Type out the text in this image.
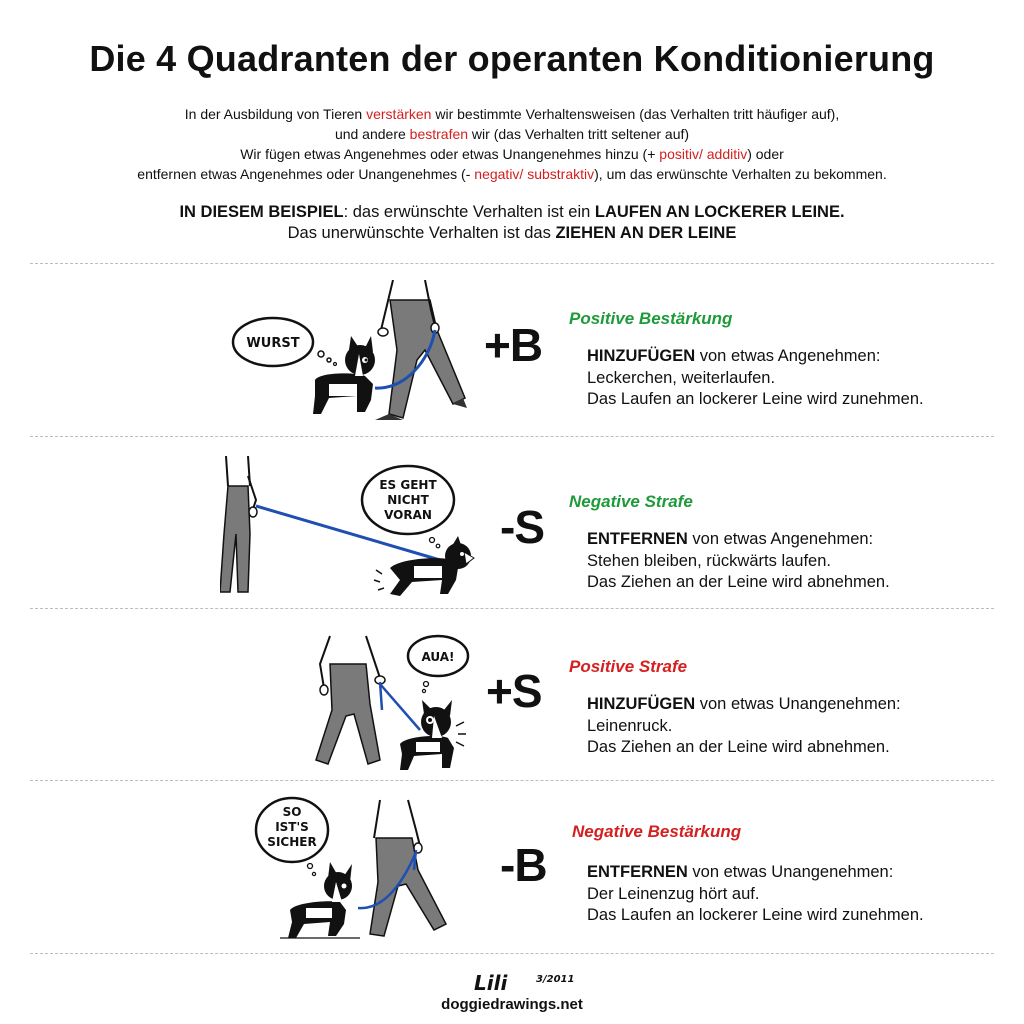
Die 4 Quadranten der operanten Konditionierung
In der Ausbildung von Tieren verstärken wir bestimmte Verhaltensweisen (das Verhalten tritt häufiger auf),
und andere bestrafen wir (das Verhalten tritt seltener auf)
Wir fügen etwas Angenehmes oder etwas Unangenehmes hinzu (+ positiv/ additiv) oder
entfernen etwas Angenehmes oder Unangenehmes (- negativ/ substraktiv), um das erwünschte Verhalten zu bekommen.
IN DIESEM BEISPIEL: das erwünschte Verhalten ist ein LAUFEN AN LOCKERER LEINE.
Das unerwünschte Verhalten ist das ZIEHEN AN DER LEINE
WURST	+B
Positive Bestärkung
HINZUFÜGEN von etwas Angenehmen:
Leckerchen, weiterlaufen.
Das Laufen an lockerer Leine wird zunehmen.
ES GEHT
NICHT
VORAN -S Negative Strafe
ENTFERNEN von etwas Angenehmen:
Stehen bleiben, rückwärts laufen.
Das Ziehen an der Leine wird abnehmen.
AUA!
+S Positive Strafe
HINZUFÜGEN von etwas Unangenehmen:
Leinenruck.
Das Ziehen an der Leine wird abnehmen.
SO
IST'S
SICHER	-B
Negative Bestärkung
ENTFERNEN von etwas Unangenehmen:
Der Leinenzug hört auf.
Das Laufen an lockerer Leine wird zunehmen.
Lili	3/2011
doggiedrawings.net
